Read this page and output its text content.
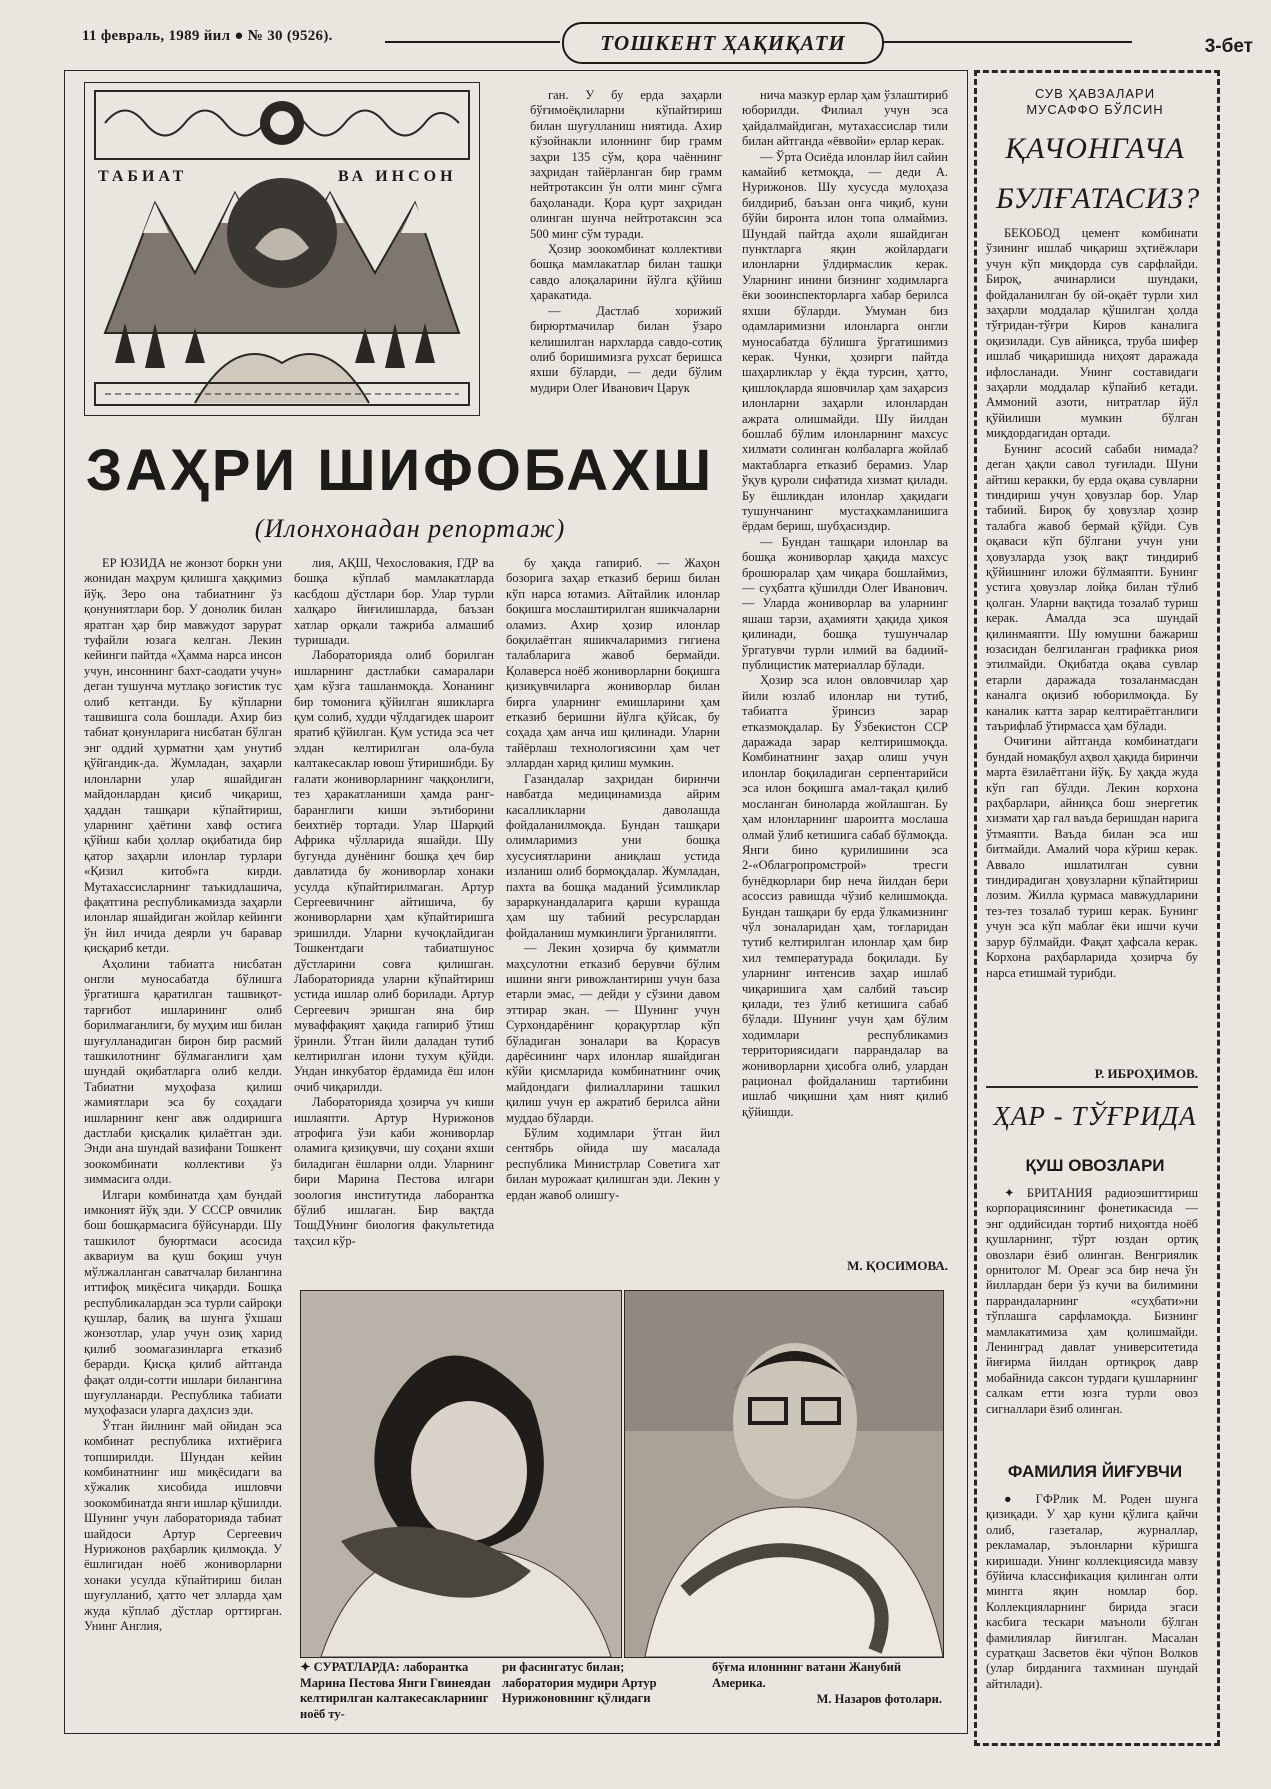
11 февраль, 1989 йил ● № 30 (9526).	ТОШКЕНТ ҲАҚИҚАТИ	3-бет
ТАБИАТ	ВА ИНСОН
ЗАҲРИ ШИФОБАХШ
(Илонхонадан репортаж)

ЕР ЮЗИДА не жонзот боркн уни жонидан маҳрум қилишга ҳаққимиз йўқ. Зеро она табиатнинг ўз қонуниятлари бор. У донолик билан яратган ҳар бир мавжудот зарурат туфайли юзага келган. Лекин кейинги пайтда «Ҳамма нарса инсон учун, инсоннинг бахт-саодати учун» деган тушунча мутлақо зоғистик тус олиб кетганди. Бу кўпларни ташвишга сола бошлади. Ахир биз табиат қонунларига нисбатан бўлган энг оддий ҳурматни ҳам унутиб қўйгандик-да. Жумладан, заҳарли илонларни улар яшайдиган майдонлардан қисиб чиқариш, ҳаддан ташқари кўпайтириш, уларнинг ҳаётини хавф остига қўйиш каби ҳоллар оқибатида бир қатор заҳарли илонлар турлари «Қизил китоб»га кирди. Мутахассисларнинг таъкидлашича, фақатгина республикамизда заҳарли илонлар яшайдиган жойлар кейинги ўн йил ичида деярли уч баравар қисқариб кетди.

Аҳолини табиатга нисбатан онгли муносабатда бўлишга ўргатишга қаратилган ташвиқот-тарғибот ишларининг олиб борилмаганлиги, бу муҳим иш билан шуғулланадиган бирон бир расмий ташкилотнинг бўлмаганлиги ҳам шундай оқибатларга олиб келди. Табиатни муҳофаза қилиш жамиятлари эса бу соҳадаги ишларнинг кенг авж олдиришга дастлаби қисқалик қилаётган эди. Энди ана шундай вазифани Тошкент зоокомбинати коллективи ўз зиммасига олди.

Илгари комбинатда ҳам бундай имконият йўқ эди. У СССР овчилик бош бошқармасига бўйсунарди. Шу ташкилот буюртмаси асосида аквариум ва қуш боқиш учун мўлжалланган саватчалар билангина иттифоқ миқёсига чиқарди. Бошқа республикалардан эса турли сайроқи қушлар, балиқ ва шунга ўхшаш жонзотлар, улар учун озиқ харид қилиб зоомагазинларга етказиб берарди. Қисқа қилиб айтганда фақат олди-сотти ишлари билангина шуғулланарди. Республика табиати муҳофазаси уларга даҳлсиз эди.

Ўтган йилнинг май ойидан эса комбинат республика ихтиёрига топширилди. Шундан кейин комбинатнинг иш миқёсидаги ва хўжалик хисобида ишловчи зоокомбинатда янги ишлар қўшилди. Шунинг учун лабораторияда табиат шайдоси Артур Сергеевич Нурижонов раҳбарлик қилмоқда. У ёшлигидан ноёб жониворларни хонаки усулда кўпайтириш билан шуғулланиб, ҳатто чет элларда ҳам жуда кўплаб дўстлар орттирган. Унинг Англия,

лия, АҚШ, Чехословакия, ГДР ва бошқа кўплаб мамлакатларда касбдош дўстлари бор. Улар турли халқаро йиғилишларда, баъзан хатлар орқали тажриба алмашиб туришади.

Лабораторияда олиб борилган ишларнинг дастлабки самаралари ҳам кўзга ташланмоқда. Хонанинг бир томонига қўйилган яшикларга қум солиб, худди чўлдагидек шароит яратиб қўйилган. Қум устида эса чет элдан келтирилган ола-була калтакесаклар ювош ўтиришибди. Бу ғалати жониворларнинг чаққонлиги, тез ҳаракатланиши ҳамда ранг-баранглиги киши эътиборини беихтиёр тортади. Улар Шарқий Африка чўлларида яшайди. Шу бугунда дунёнинг бошқа ҳеч бир давлатида бу жониворлар хонаки усулда кўпайтирилмаган. Артур Сергеевичнинг айтишича, бу жониворларни ҳам кўпайтиришга эришилди. Уларни кучоқлайдиган Тошкентдаги табиатшунос дўстларини совға қилишган. Лабораторияда уларни кўпайтириш устида ишлар олиб борилади. Артур Сергеевич эришган яна бир муваффақият ҳақида гапириб ўтиш ўринли. Ўтган йили даладан тутиб келтирилган илони тухум қўйди. Ундан инкубатор ёрдамида ёш илон очиб чиқарилди.

Лабораторияда ҳозирча уч киши ишлаяпти. Артур Нурижонов атрофига ўзи каби жониворлар оламига қизиқувчи, шу соҳани яхши биладиган ёшларни олди. Уларнинг бири Марина Пестова илгари зоология институтида лаборантка бўлиб ишлаган. Бир вақтда ТошДУнинг биология факультетида таҳсил кўр-

бу ҳақда гапириб. — Жаҳон бозорига заҳар етказиб бериш билан кўп нарса ютамиз. Айтайлик илонлар боқишга мослаштирилган яшикчаларни оламиз. Ахир ҳозир илонлар боқилаётган яшикчаларимиз гигиена талабларига жавоб бермайди. Қолаверса ноёб жониворларни боқишга қизиқувчиларга жониворлар билан бирга уларнинг емишларини ҳам етказиб беришни йўлга қўйсак, бу соҳада ҳам анча иш қилинади. Уларни тайёрлаш технологиясини ҳам чет эллардан харид қилиш мумкин.

Газандалар заҳридан биринчи навбатда медицинамизда айрим касалликларни даволашда фойдаланилмоқда. Бундан ташқари олимларимиз уни бошқа хусусиятларини аниқлаш устида изланиш олиб бормоқдалар. Жумладан, пахта ва бошқа маданий ўсимликлар зараркунандаларига қарши курашда ҳам шу табиий ресурслардан фойдаланиш мумкинлиги ўрганиляпти.

— Лекин ҳозирча бу қимматли маҳсулотни етказиб берувчи бўлим ишини янги ривожлантириш учун база етарли эмас, — дейди у сўзини давом эттирар экан. — Шунинг учун Сурхондарёнинг қорақуртлар кўп бўладиган зоналари ва Қорасув дарёсининг чарх илонлар яшайдиган кўйи қисмларида комбинатнинг очиқ майдондаги филиалларини ташкил қилиш учун ер ажратиб берилса айни муддао бўларди.

Бўлим ходимлари ўтган йил сентябрь ойида шу масалада республика Министрлар Советига хат билан мурожаат қилишган эди. Лекин у ердан жавоб олишгу-

ган. У бу ерда заҳарли бўғимоёқлиларни кўпайтириш билан шуғулланиш ниятида. Ахир кўзойнакли илоннинг бир грамм заҳри 135 сўм, қора чаённинг заҳридан тайёрланган бир грамм нейтротаксин ўн олти минг сўмга баҳоланади. Қора қурт заҳридан олинган шунча нейтротаксин эса 500 минг сўм туради.

Ҳозир зоокомбинат коллективи бошқа мамлакатлар билан ташқи савдо алоқаларини йўлга қўйиш ҳаракатида.

— Дастлаб хорижий бирюртмачилар билан ўзаро келишилган нархларда савдо-сотиқ олиб боришимизга рухсат беришса яхши бўларди, — деди бўлим мудири Олег Иванович Царук

нича мазкур ерлар ҳам ўзлаштириб юборилди. Филиал учун эса ҳайдалмайдиган, мутахассислар тили билан айтганда «ёввойи» ерлар керак.

— Ўрта Осиёда илонлар йил сайин камайиб кетмоқда, — деди А. Нурижонов. Шу хусусда мулоҳаза билдириб, баъзан онга чиқиб, куни бўйи биронта илон топа олмаймиз. Шундай пайтда аҳоли яшайдиган пунктларга яқин жойлардаги илонларни ўлдирмаслик керак. Уларнинг инини бизнинг ходимларга ёки зооинспекторларга хабар берилса яхши бўларди. Умуман биз одамларимизни илонларга онгли муносабатда бўлишга ўргатишимиз керак. Чунки, ҳозирги пайтда шаҳарликлар у ёқда турсин, ҳатто, қишлоқларда яшовчилар ҳам заҳарсиз илонларни заҳарли илонлардан ажрата олишмайди. Шу йилдан бошлаб бўлим илонларнинг махсус хилмати солинган колбаларга жойлаб мактабларга етказиб берамиз. Улар ўқув қуроли сифатида хизмат қилади. Бу ёшликдан илонлар ҳақидаги тушунчанинг мустаҳкамланишига ёрдам бериш, шубҳасиздир.

— Бундан ташқари илонлар ва бошқа жониворлар ҳақида махсус брошюралар ҳам чиқара бошлаймиз, — суҳбатга қўшилди Олег Иванович. — Уларда жониворлар ва уларнинг яшаш тарзи, аҳамияти ҳақида ҳикоя қилинади, бошқа тушунчалар ўргатувчи турли илмий ва бадиий-публицистик материаллар бўлади.

Ҳозир эса илон овловчилар ҳар йили юзлаб илонлар ни тутиб, табиатга ўринсиз зарар етказмоқдалар. Бу Ўзбекистон ССР даражада зарар келтиришмоқда. Комбинатнинг заҳар олиш учун илонлар боқиладиган серпентарийси эса илон боқишга амал-тақал қилиб мосланган биноларда жойлашган. Бу ҳам илонларнинг шароитга мослаша олмай ўлиб кетишига сабаб бўлмоқда. Янги бино қурилишини эса 2-«Облагропромстрой» тресги бунёдкорлари бир неча йилдан бери асоссиз равишда чўзиб келишмоқда. Бундан ташқари бу ерда ўлкамизнинг чўл зоналаридан ҳам, тоғларидан тутиб келтирилган илонлар ҳам бир хил температурада боқилади. Бу уларнинг интенсив заҳар ишлаб чиқаришига ҳам салбий таъсир қилади, тез ўлиб кетишига сабаб бўлади. Шунинг учун ҳам бўлим ходимлари республикамиз территориясидаги паррандалар ва жониворларни ҳисобга олиб, улардан рационал фойдаланиш тартибини ишлаб чиқишни ҳам ният қилиб қўйишди.

М. ҚОСИМОВА.
✦ СУРАТЛАРДА: лаборантка Марина Пестова Янги Гвинеядан келтирилган калтакесакларнинг ноёб ту-
ри фасингатус билан; лаборатория мудири Артур Нурижоновнинг қўлидаги
бўғма илоннинг ватани Жанубий Америка.
М. Назаров фотолари.
СУВ ҲАВЗАЛАРИ МУСАФФО БЎЛСИН
ҚАЧОНГАЧА БУЛҒАТАСИЗ?

БЕКОБОД цемент комбинати ўзининг ишлаб чиқариш эҳтиёжлари учун кўп миқдорда сув сарфлайди. Бироқ, ачинарлиси шундаки, фойдаланилган бу ой-оқаёт турли хил заҳарли моддалар қўшилган ҳолда тўғридан-тўғри Киров каналига оқизилади. Сув айниқса, труба шифер ишлаб чиқаришида ниҳоят даражада ифлосланади. Унинг составидаги заҳарли моддалар кўпайиб кетади. Аммоний азоти, нитратлар йўл қўйилиши мумкин бўлган миқдордагидан ортади.

Бунинг асосий сабаби нимада? деган ҳақли савол туғилади. Шуни айтиш керакки, бу ерда оқава сувларни тиндириш учун ҳовузлар бор. Улар табиий. Бироқ бу ҳовузлар ҳозир талабга жавоб бермай қўйди. Сув оқаваси кўп бўлгани учун уни ҳовузларда узоқ вақт тиндириб қўйишнинг иложи бўлмаяпти. Бунинг устига ҳовузлар лойқа билан тўлиб қолган. Уларни вақтида тозалаб туриш керак. Амалда эса шундай қилинмаяпти. Шу юмушни бажариш юзасидан белгиланган графикка риоя этилмайди. Оқибатда оқава сувлар етарли даражада тозаланмасдан каналга оқизиб юборилмоқда. Бу каналик катта зарар келтираётганлиги таърифлаб ўтирмасса ҳам бўлади.

Очиғини айтганда комбинатдаги бундай номақбул аҳвол ҳақида биринчи марта ёзилаётгани йўқ. Бу ҳақда жуда кўп гап бўлди. Лекин корхона раҳбарлари, айниқса бош энергетик хизмати ҳар гал ваъда беришдан нарига ўтмаяпти. Ваъда билан эса иш битмайди. Амалий чора кўриш керак. Аввало ишлатилган сувни тиндирадиган ҳовузларни кўпайтириш лозим. Жилла қурмаса мавжудларини тез-тез тозалаб туриш керак. Бунинг учун эса кўп маблағ ёки ишчи кучи зарур бўлмайди. Фақат ҳафсала керак. Корхона раҳбарларида ҳозирча бу нарса етишмай турибди.

Р. ИБРОҲИМОВ.
ҲАР - ТЎҒРИДА
ҚУШ ОВОЗЛАРИ

✦ БРИТАНИЯ радиоэшиттириш корпорациясининг фонетикасида — энг оддийсидан тортиб ниҳоятда ноёб қушларнинг, тўрт юздан ортиқ овозлари ёзиб олинган. Венгриялик орнитолог М. Ореаг эса бир неча ўн йиллардан бери ўз кучи ва билимини паррандаларнинг «суҳбати»ни тўплашга сарфламоқда. Бизнинг мамлакатимиза ҳам қолишмайди. Ленинград давлат университетида йиғирма йилдан ортиқроқ давр мобайнида саксон турдаги қушларнинг салкам етти юзга турли овоз сигналлари ёзиб олинган.

ФАМИЛИЯ ЙИҒУВЧИ

● ГФРлик М. Роден шунга қизиқади. У ҳар куни қўлига қайчи олиб, газеталар, журналлар, рекламалар, эълонларни кўришга киришади. Унинг коллекциясида мавзу бўйича классификация қилинган олти мингга яқин номлар бор. Коллекцияларнинг бирида эгаси касбига тескари маъноли бўлган фамилиялар йиғилган. Масалан суратқаш Засветов ёки чўпон Волков (улар бирданига тахминан шундай айтилади).
